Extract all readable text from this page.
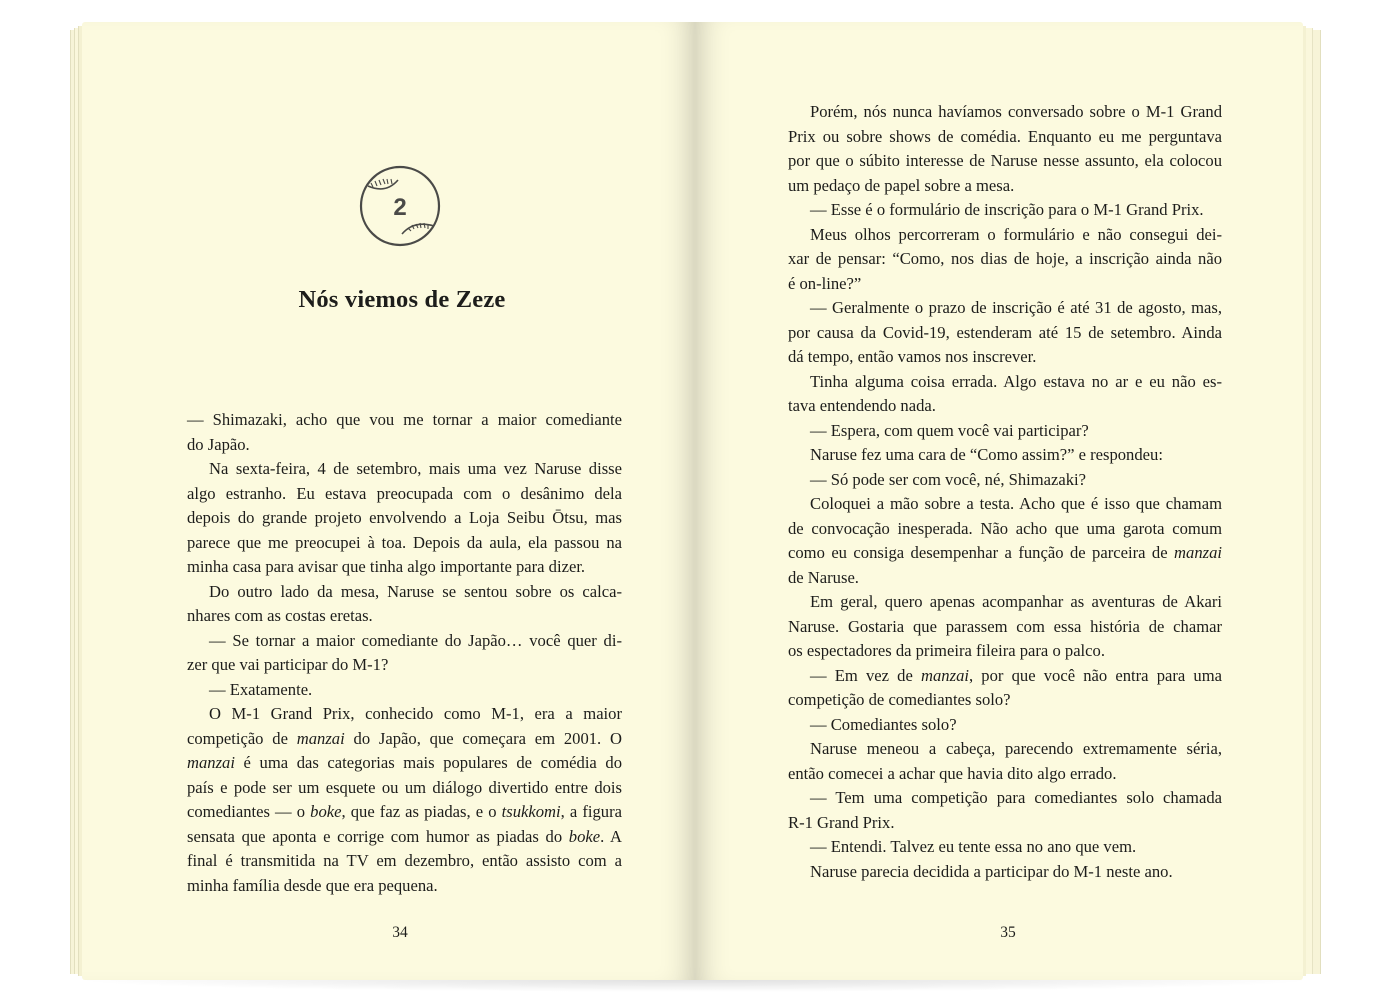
2
Nós viemos de Zeze
— Shimazaki, acho que vou me tornar a maior comediante
do Japão.
Na sexta-feira, 4 de setembro, mais uma vez Naruse disse
algo estranho. Eu estava preocupada com o desânimo dela
depois do grande projeto envolvendo a Loja Seibu Ōtsu, mas
parece que me preocupei à toa. Depois da aula, ela passou na
minha casa para avisar que tinha algo importante para dizer.
Do outro lado da mesa, Naruse se sentou sobre os calca-
nhares com as costas eretas.
— Se tornar a maior comediante do Japão… você quer di-
zer que vai participar do M-1?
— Exatamente.
O M-1 Grand Prix, conhecido como M-1, era a maior
competição de manzai do Japão, que começara em 2001. O
manzai é uma das categorias mais populares de comédia do
país e pode ser um esquete ou um diálogo divertido entre dois
comediantes — o boke, que faz as piadas, e o tsukkomi, a figura
sensata que aponta e corrige com humor as piadas do boke. A
final é transmitida na TV em dezembro, então assisto com a
minha família desde que era pequena.
Porém, nós nunca havíamos conversado sobre o M-1 Grand
Prix ou sobre shows de comédia. Enquanto eu me perguntava
por que o súbito interesse de Naruse nesse assunto, ela colocou
um pedaço de papel sobre a mesa.
— Esse é o formulário de inscrição para o M-1 Grand Prix.
Meus olhos percorreram o formulário e não consegui dei-
xar de pensar: “Como, nos dias de hoje, a inscrição ainda não
é on-line?”
— Geralmente o prazo de inscrição é até 31 de agosto, mas,
por causa da Covid-19, estenderam até 15 de setembro. Ainda
dá tempo, então vamos nos inscrever.
Tinha alguma coisa errada. Algo estava no ar e eu não es-
tava entendendo nada.
— Espera, com quem você vai participar?
Naruse fez uma cara de “Como assim?” e respondeu:
— Só pode ser com você, né, Shimazaki?
Coloquei a mão sobre a testa. Acho que é isso que chamam
de convocação inesperada. Não acho que uma garota comum
como eu consiga desempenhar a função de parceira de manzai
de Naruse.
Em geral, quero apenas acompanhar as aventuras de Akari
Naruse. Gostaria que parassem com essa história de chamar
os espectadores da primeira fileira para o palco.
— Em vez de manzai, por que você não entra para uma
competição de comediantes solo?
— Comediantes solo?
Naruse meneou a cabeça, parecendo extremamente séria,
então comecei a achar que havia dito algo errado.
— Tem uma competição para comediantes solo chamada
R-1 Grand Prix.
— Entendi. Talvez eu tente essa no ano que vem.
Naruse parecia decidida a participar do M-1 neste ano.
34	35
